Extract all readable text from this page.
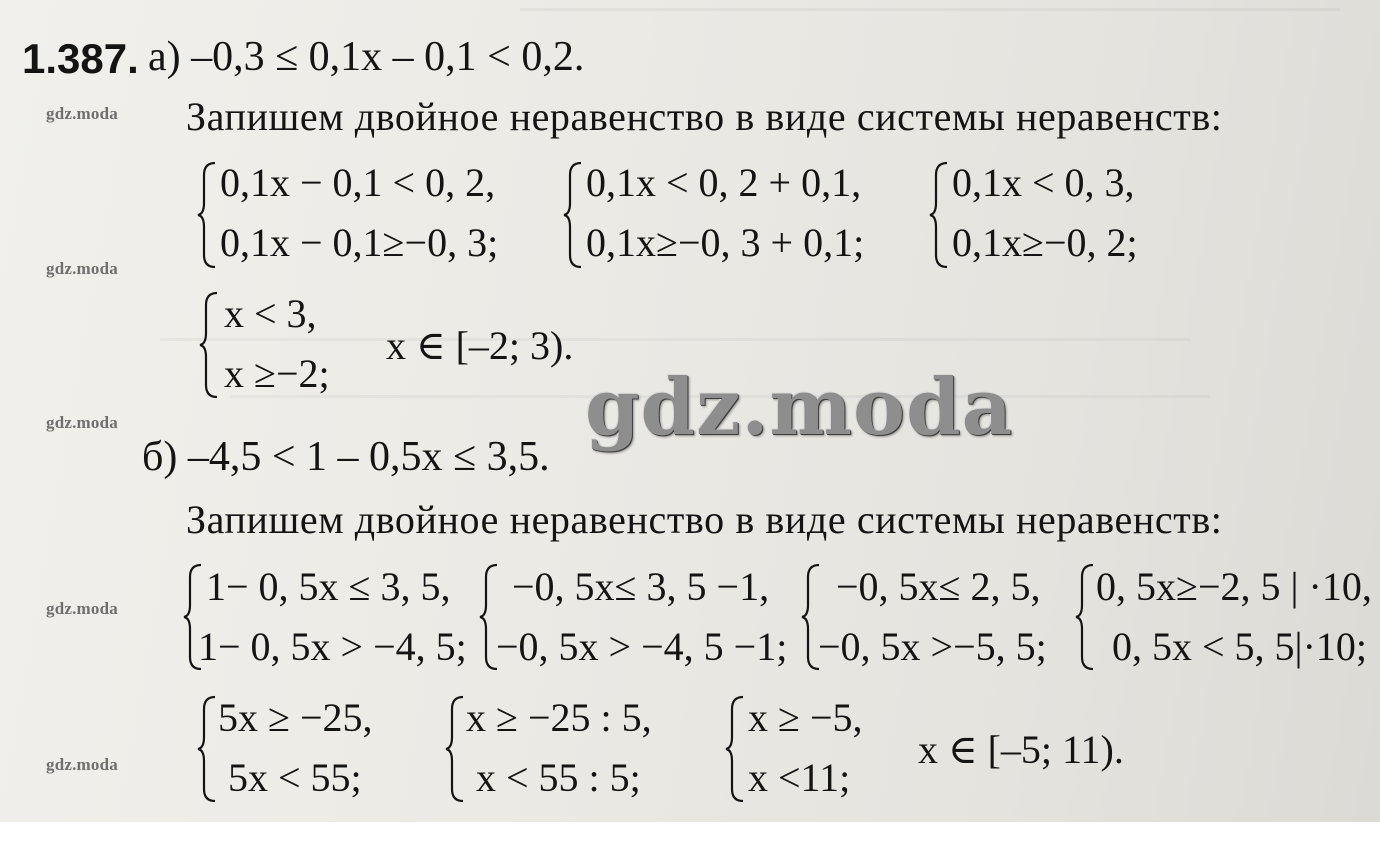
1.387. а) –0,3 ≤ 0,1x – 0,1 < 0,2.
gdz.moda Запишем двойное неравенство в виде системы неравенств:
0,1x − 0,1 < 0, 2,
0,1x − 0,1≥−0, 3;
0,1x < 0, 2 + 0,1,
0,1x≥−0, 3 + 0,1;
0,1x < 0, 3,
0,1x≥−0, 2;
gdz.moda
x < 3,
x ≥−2;
x ∈ [–2; 3).
gdz.moda
gdz.moda
б) –4,5 < 1 – 0,5x ≤ 3,5.
Запишем двойное неравенство в виде системы неравенств:
gdz.moda 1− 0, 5x ≤ 3, 5,
1− 0, 5x > −4, 5;
−0, 5x≤ 3, 5 −1,
−0, 5x > −4, 5 −1;
−0, 5x≤ 2, 5,
−0, 5x >−5, 5;
0, 5x≥−2, 5 | ·10,
0, 5x < 5, 5|·10;
gdz.moda
5x ≥ −25,
5x < 55;
x ≥ −25 : 5,
x < 55 : 5;
x ≥ −5,
x <11;
x ∈ [–5; 11).
